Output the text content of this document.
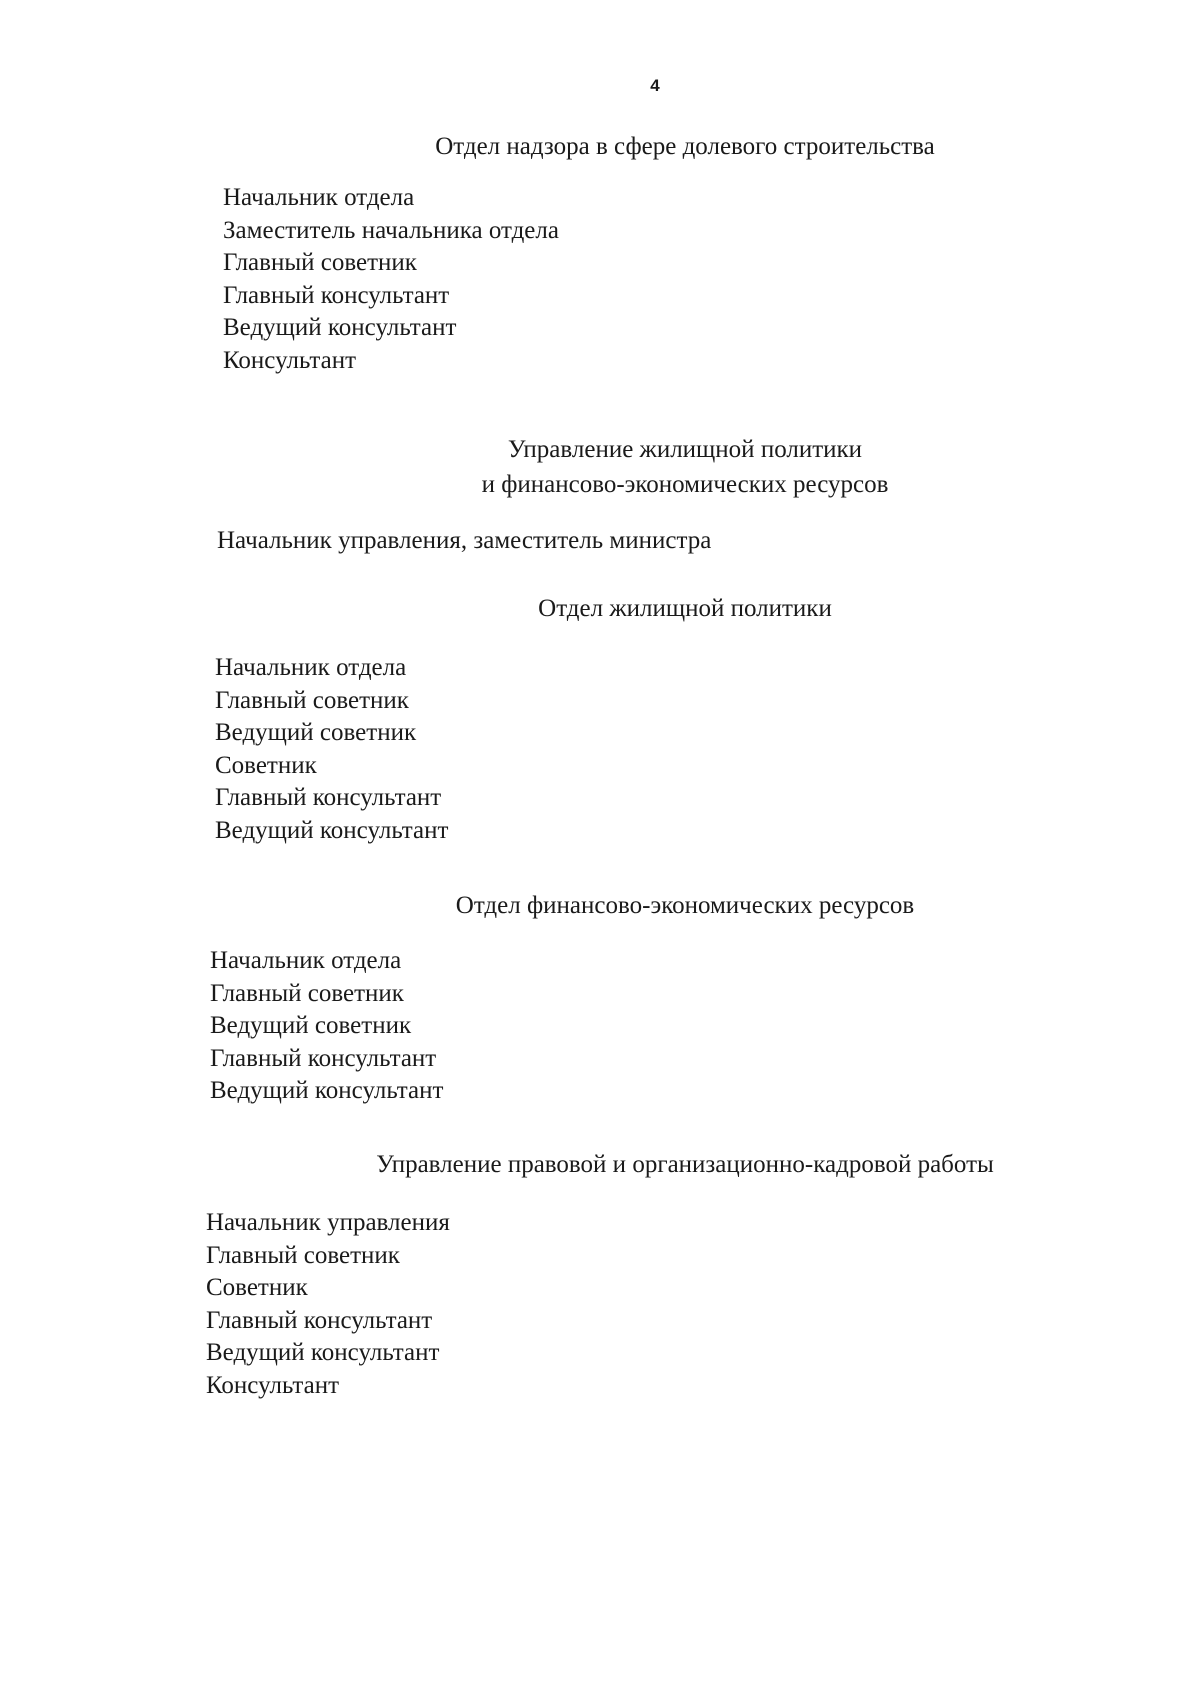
4
Отдел надзора в сфере долевого строительства
Начальник отдела
Заместитель начальника отдела
Главный советник
Главный консультант
Ведущий консультант
Консультант
Управление жилищной политики
и финансово-экономических ресурсов
Начальник управления, заместитель министра
Отдел жилищной политики
Начальник отдела
Главный советник
Ведущий советник
Советник
Главный консультант
Ведущий консультант
Отдел финансово-экономических ресурсов
Начальник отдела
Главный советник
Ведущий советник
Главный консультант
Ведущий консультант
Управление правовой и организационно-кадровой работы
Начальник управления
Главный советник
Советник
Главный консультант
Ведущий консультант
Консультант
